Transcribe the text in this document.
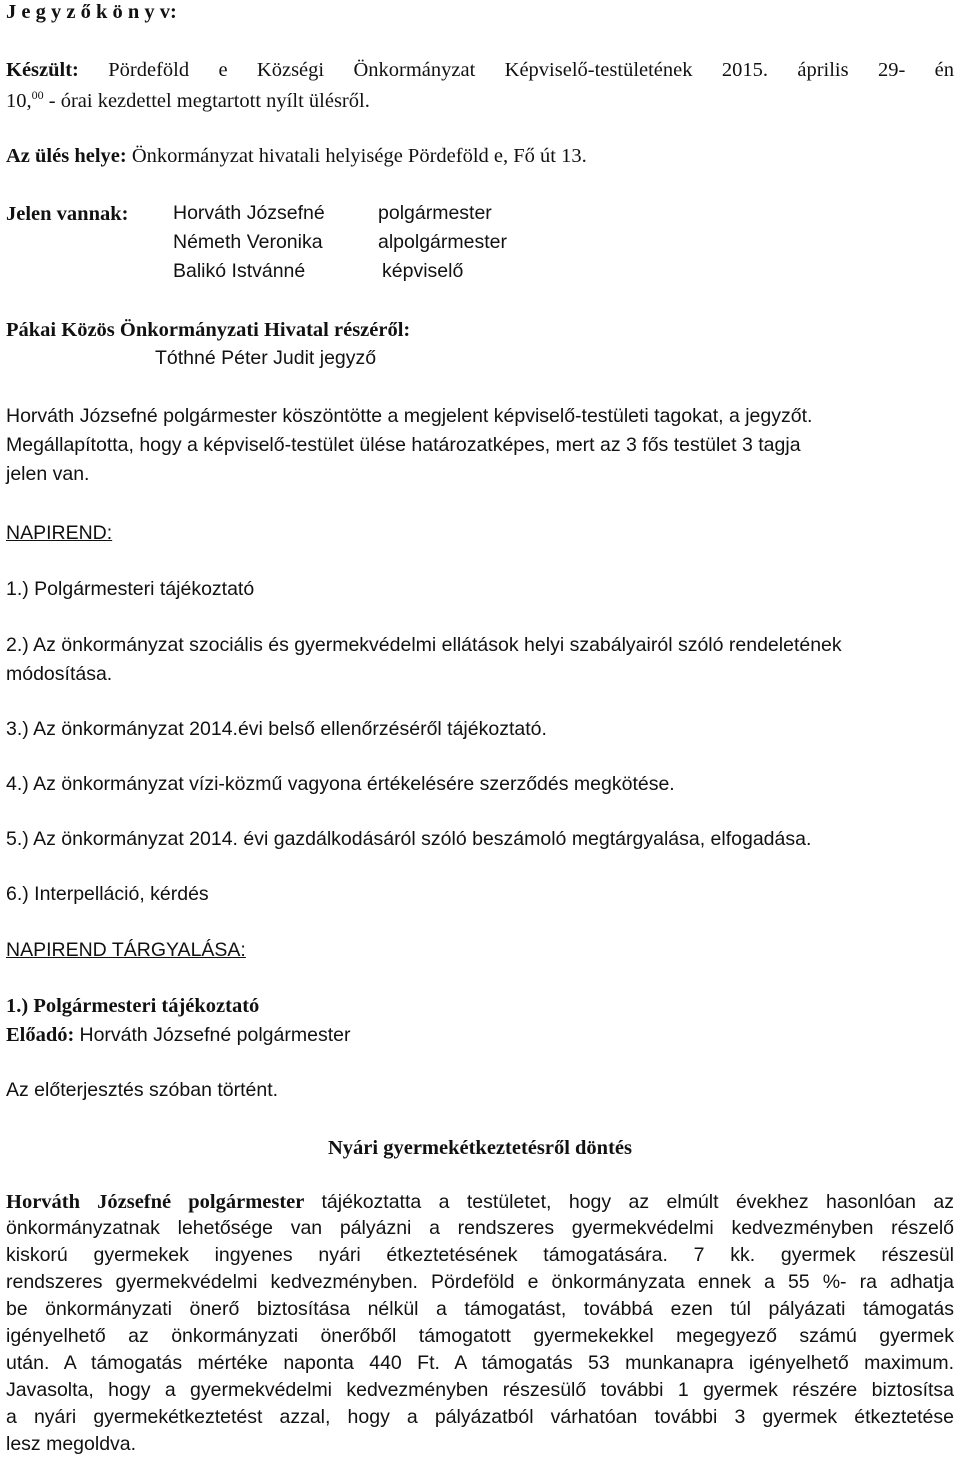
J e g y z ő k ö n y v:
Készült: Pördeföld e Községi Önkormányzat Képviselő-testületének 2015. április 29- én
10,00 - órai kezdettel megtartott nyílt ülésről.
Az ülés helye: Önkormányzat hivatali helyisége Pördeföld e, Fő út 13.
Jelen vannak: Horváth Józsefné	polgármester
Németh Veronika	alpolgármester
Balikó Istvánné	képviselő
Pákai Közös Önkormányzati Hivatal részéről:
Tóthné Péter Judit jegyző
Horváth Józsefné polgármester köszöntötte a megjelent képviselő-testületi tagokat, a jegyzőt.
Megállapította, hogy a képviselő-testület ülése határozatképes, mert az 3 fős testület 3 tagja
jelen van.
NAPIREND:
1.) Polgármesteri tájékoztató
2.) Az önkormányzat szociális és gyermekvédelmi ellátások helyi szabályairól szóló rendeletének
módosítása.
3.) Az önkormányzat 2014.évi belső ellenőrzéséről tájékoztató.
4.) Az önkormányzat vízi-közmű vagyona értékelésére szerződés megkötése.
5.) Az önkormányzat 2014. évi gazdálkodásáról szóló beszámoló megtárgyalása, elfogadása.
6.) Interpelláció, kérdés
NAPIREND TÁRGYALÁSA:
1.) Polgármesteri tájékoztató
Előadó: Horváth Józsefné polgármester
Az előterjesztés szóban történt.
Nyári gyermekétkeztetésről döntés
Horváth Józsefné polgármester tájékoztatta a testületet, hogy az elmúlt évekhez hasonlóan az
önkormányzatnak lehetősége van pályázni a rendszeres gyermekvédelmi kedvezményben részelő
kiskorú gyermekek ingyenes nyári étkeztetésének támogatására. 7 kk. gyermek részesül
rendszeres gyermekvédelmi kedvezményben. Pördeföld e önkormányzata ennek a 55 %- ra adhatja
be önkormányzati önerő biztosítása nélkül a támogatást, továbbá ezen túl pályázati támogatás
igényelhető az önkormányzati önerőből támogatott gyermekekkel megegyező számú gyermek
után. A támogatás mértéke naponta 440 Ft. A támogatás 53 munkanapra igényelhető maximum.
Javasolta, hogy a gyermekvédelmi kedvezményben részesülő további 1 gyermek részére biztosítsa
a nyári gyermekétkeztetést azzal, hogy a pályázatból várhatóan további 3 gyermek étkeztetése
lesz megoldva.
